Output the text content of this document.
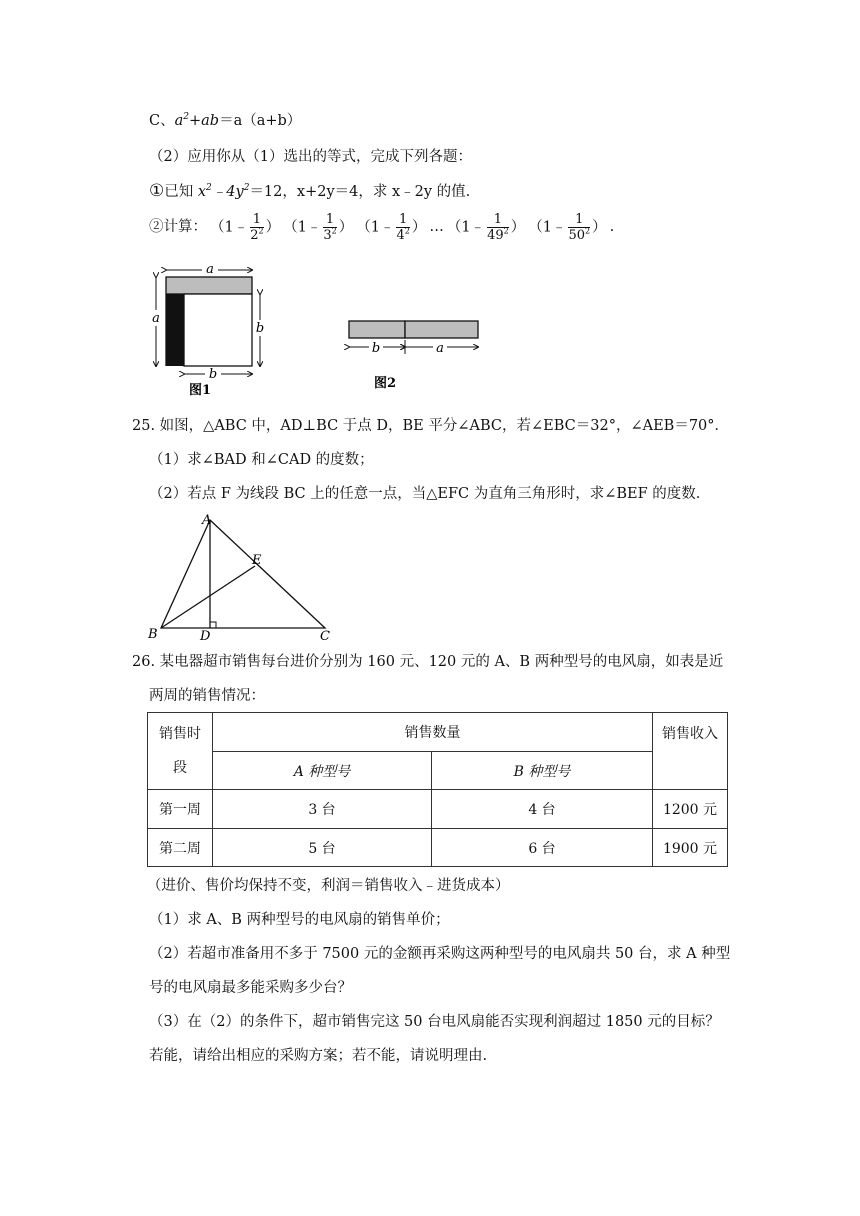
C、$a^2+ab=a(a+b)$
（2）应用你从（1）选出的等式，完成下列各题：
①已知 $x^2﹣4y^2=12$，x+2y＝4，求 x﹣2y 的值.
②计算： （1﹣ $\frac{1}{2^2}$ ） （1﹣ $\frac{1}{3^2}$ ） （1﹣ $\frac{1}{4^2}$ ） … （1﹣ $\frac{1}{49^2}$ ） （1﹣ $\frac{1}{50^2}$ ） .
a
a
b
b
图1
b	a
图2
25. 如图，△ABC 中，AD⊥BC 于点 D，BE 平分∠ABC，若∠EBC＝32°，∠AEB＝70°．
（1）求∠BAD 和∠CAD 的度数；
（2）若点 F 为线段 BC 上的任意一点，当△EFC 为直角三角形时，求∠BEF 的度数．
A
B	C
D
E
26. 某电器超市销售每台进价分别为 160 元、120 元的 A、B 两种型号的电风扇，如表是近
两周的销售情况：
销售时
段	销售数量		销售收入
	A 种型号	B 种型号	
第一周	3 台	4 台	1200 元
第二周	5 台	6 台	1900 元
（进价、售价均保持不变，利润＝销售收入﹣进货成本）
（1）求 A、B 两种型号的电风扇的销售单价；
（2）若超市准备用不多于 7500 元的金额再采购这两种型号的电风扇共 50 台，求 A 种型
号的电风扇最多能采购多少台？
（3）在（2）的条件下，超市销售完这 50 台电风扇能否实现利润超过 1850 元的目标？
若能，请给出相应的采购方案；若不能，请说明理由.
